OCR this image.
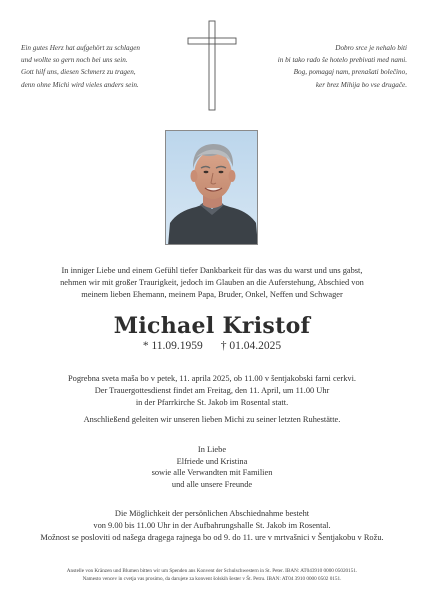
Ein gutes Herz hat aufgehört zu schlagen
und wollte so gern noch bei uns sein.
Gott hilf uns, diesen Schmerz zu tragen,
denn ohne Michi wird vieles anders sein.
Dobro srce je nehalo biti
in bi tako rado še hotelo prebivati med nami.
Bog, pomagaj nam, prenašati bolečino,
ker brez Mihija bo vse drugače.
In inniger Liebe und einem Gefühl tiefer Dankbarkeit für das was du warst und uns gabst,
nehmen wir mit großer Traurigkeit, jedoch im Glauben an die Auferstehung, Abschied von
meinem lieben Ehemann, meinem Papa, Bruder, Onkel, Neffen und Schwager
Michael Kristof
* 11.09.1959 † 01.04.2025
Pogrebna sveta maša bo v petek, 11. aprila 2025, ob 11.00 v šentjakobski farni cerkvi.
Der Trauergottesdienst findet am Freitag, den 11. April, um 11.00 Uhr
in der Pfarrkirche St. Jakob im Rosental statt.
Anschließend geleiten wir unseren lieben Michi zu seiner letzten Ruhestätte.
In Liebe
Elfriede und Kristina
sowie alle Verwandten mit Familien
und alle unsere Freunde
Die Möglichkeit der persönlichen Abschiednahme besteht
von 9.00 bis 11.00 Uhr in der Aufbahrungshalle St. Jakob im Rosental.
Možnost se posloviti od našega dragega rajnega bo od 9. do 11. ure v mrtvašnici v Šentjakobu v Rožu.
Anstelle von Kränzen und Blumen bitten wir um Spenden ans Konvent der Schulschwestern in St. Peter. IBAN: AT043910 0000 05020151.
Namesto vencev in cvetja vas prosimo, da darujete za konvent šolskih šester v Št. Petru. IBAN: AT04 3910 0000 0502 0151.
